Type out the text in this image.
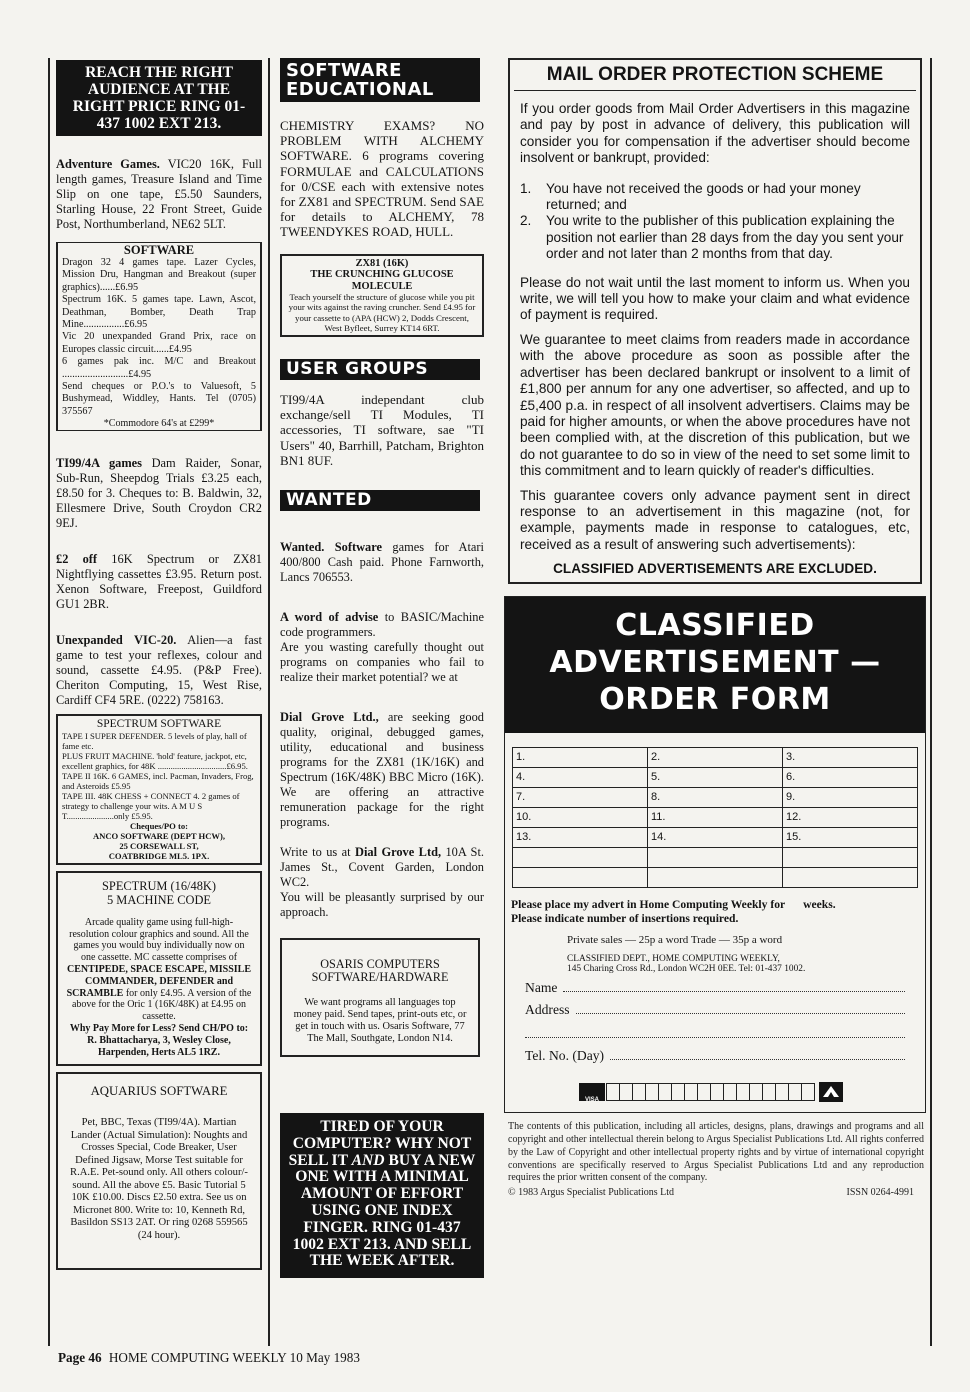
REACH THE RIGHT AUDIENCE AT THE RIGHT PRICE RING 01-437 1002 EXT 213.

Adventure Games. VIC20 16K, Full length games, Treasure Island and Time Slip on one tape, £5.50 Saunders, Starling House, 22 Front Street, Guide Post, Northumberland, NE62 5LT.

SOFTWARE
Dragon 32 4 games tape. Lazer Cycles, Mission Dru, Hangman and Breakout (super graphics)......£6.95
Spectrum 16K. 5 games tape. Lawn, Ascot, Deathman, Bomber, Death Trap Mine................£6.95
Vic 20 unexpanded Grand Prix, race on Europes classic circuit......£4.95
6 games pak inc. M/C and Breakout ..........................£4.95
Send cheques or P.O.'s to Valuesoft, 5 Bushymead, Widdley, Hants. Tel (0705) 375567
*Commodore 64's at £299*

TI99/4A games Dam Raider, Sonar, Sub-Run, Sheepdog Trials £3.25 each, £8.50 for 3. Cheques to: B. Baldwin, 32, Ellesmere Drive, South Croydon CR2 9EJ.

£2 off 16K Spectrum or ZX81 Nightflying cassettes £3.95. Return post. Xenon Software, Freepost, Guildford GU1 2BR.

Unexpanded VIC-20. Alien—a fast game to test your reflexes, colour and sound, cassette £4.95. (P&P Free). Cheriton Computing, 15, West Rise, Cardiff CF4 5RE. (0222) 758163.

SPECTRUM SOFTWARE
TAPE I SUPER DEFENDER. 5 levels of play, hall of fame etc.
PLUS FRUIT MACHINE. 'hold' feature, jackpot, etc, excellent graphics, for 48K ................................£6.95.
TAPE II 16K. 6 GAMES, incl. Pacman, Invaders, Frog, and Asteroids £5.95
TAPE III. 48K CHESS + CONNECT 4. 2 games of strategy to challenge your wits. A M U S T......................only £5.95.
Cheques/PO to:
ANCO SOFTWARE (DEPT HCW),
25 CORSEWALL ST,
COATBRIDGE ML5. 1PX.
SPECTRUM (16/48K)
5 MACHINE CODE
Arcade quality game using full-high-resolution colour graphics and sound. All the games you would buy individually now on one cassette. MC cassette comprises of CENTIPEDE, SPACE ESCAPE, MISSILE COMMANDER, DEFENDER and SCRAMBLE for only £4.95. A version of the above for the Oric 1 (16K/48K) at £4.95 on cassette.
Why Pay More for Less? Send CH/PO to: R. Bhattacharya, 3, Wesley Close, Harpenden, Herts AL5 1RZ.
AQUARIUS SOFTWARE
Pet, BBC, Texas (TI99/4A). Martian Lander (Actual Simulation): Noughts and Crosses Special, Code Breaker, User Defined Jigsaw, Morse Test suitable for R.A.E. Pet-sound only. All others colour/-sound. All the above £5. Basic Tutorial 5 10K £10.00. Discs £2.50 extra. See us on Micronet 800. Write to: 10, Kenneth Rd, Basildon SS13 2AT. Or ring 0268 559565 (24 hour).
SOFTWARE EDUCATIONAL

CHEMISTRY EXAMS? NO PROBLEM WITH ALCHEMY SOFTWARE. 6 programs covering FORMULAE and CALCULATIONS for 0/CSE each with extensive notes for ZX81 and SPECTRUM. Send SAE for details to ALCHEMY, 78 TWEENDYKES ROAD, HULL.

ZX81 (16K)
THE CRUNCHING GLUCOSE MOLECULE
Teach yourself the structure of glucose while you pit your wits against the raving cruncher. Send £4.95 for your cassette to (APA (HCW) 2, Dodds Crescent, West Byfleet, Surrey KT14 6RT.
USER GROUPS

TI99/4A independant club exchange/sell TI Modules, TI accessories, TI software, sae "TI Users" 40, Barrhill, Patcham, Brighton BN1 8UF.

WANTED

Wanted. Software games for Atari 400/800 Cash paid. Phone Farnworth, Lancs 706553.

A word of advise to BASIC/Machine code programmers.
Are you wasting carefully thought out programs on companies who fail to realize their market potential? we at

Dial Grove Ltd., are seeking good quality, original, debugged games, utility, educational and business programs for the ZX81 (1K/16K) and Spectrum (16K/48K) BBC Micro (16K). We are offering an attractive remuneration package for the right programs.

Write to us at Dial Grove Ltd, 10A St. James St., Covent Garden, London WC2.

You will be pleasantly surprised by our approach.

OSARIS COMPUTERS
SOFTWARE/HARDWARE
We want programs all languages top money paid. Send tapes, print-outs etc, or get in touch with us. Osaris Software, 77 The Mall, Southgate, London N14.
TIRED OF YOUR COMPUTER? WHY NOT SELL IT AND BUY A NEW ONE WITH A MINIMAL AMOUNT OF EFFORT USING ONE INDEX FINGER. RING 01-437 1002 EXT 213. AND SELL THE WEEK AFTER.
MAIL ORDER PROTECTION SCHEME

If you order goods from Mail Order Advertisers in this magazine and pay by post in advance of delivery, this publication will consider you for compensation if the advertiser should become insolvent or bankrupt, provided:

1.	You have not received the goods or had your money returned; and
2.	You write to the publisher of this publication explaining the position not earlier than 28 days from the day you sent your order and not later than 2 months from that day.

Please do not wait until the last moment to inform us. When you write, we will tell you how to make your claim and what evidence of payment is required.

We guarantee to meet claims from readers made in accordance with the above procedure as soon as possible after the advertiser has been declared bankrupt or insolvent to a limit of £1,800 per annum for any one advertiser, so affected, and up to £5,400 p.a. in respect of all insolvent advertisers. Claims may be paid for higher amounts, or when the above procedures have not been complied with, at the discretion of this publication, but we do not guarantee to do so in view of the need to set some limit to this commitment and to learn quickly of reader's difficulties.

This guarantee covers only advance payment sent in direct response to an advertisement in this magazine (not, for example, payments made in response to catalogues, etc, received as a result of answering such advertisements):

CLASSIFIED ADVERTISEMENTS ARE EXCLUDED.
CLASSIFIED
ADVERTISEMENT —
ORDER FORM
1.	2.	3.
4.	5.	6.
7.	8.	9.
10.	11.	12.
13.	14.	15.

Please place my advert in Home Computing Weekly for weeks.
Please indicate number of insertions required.
Private sales — 25p a word Trade — 35p a word
CLASSIFIED DEPT., HOME COMPUTING WEEKLY,
145 Charing Cross Rd., London WC2H 0EE. Tel: 01-437 1002.
Name
Address
Tel. No. (Day)
VISA

The contents of this publication, including all articles, designs, plans, drawings and programs and all copyright and other intellectual therein belong to Argus Specialist Publications Ltd. All rights conferred by the Law of Copyright and other intellectual property rights and by virtue of international copyright conventions are specifically reserved to Argus Specialist Publications Ltd and any reproduction requires the prior written consent of the company.

© 1983 Argus Specialist Publications Ltd	ISSN 0264-4991
Page 46 HOME COMPUTING WEEKLY 10 May 1983
